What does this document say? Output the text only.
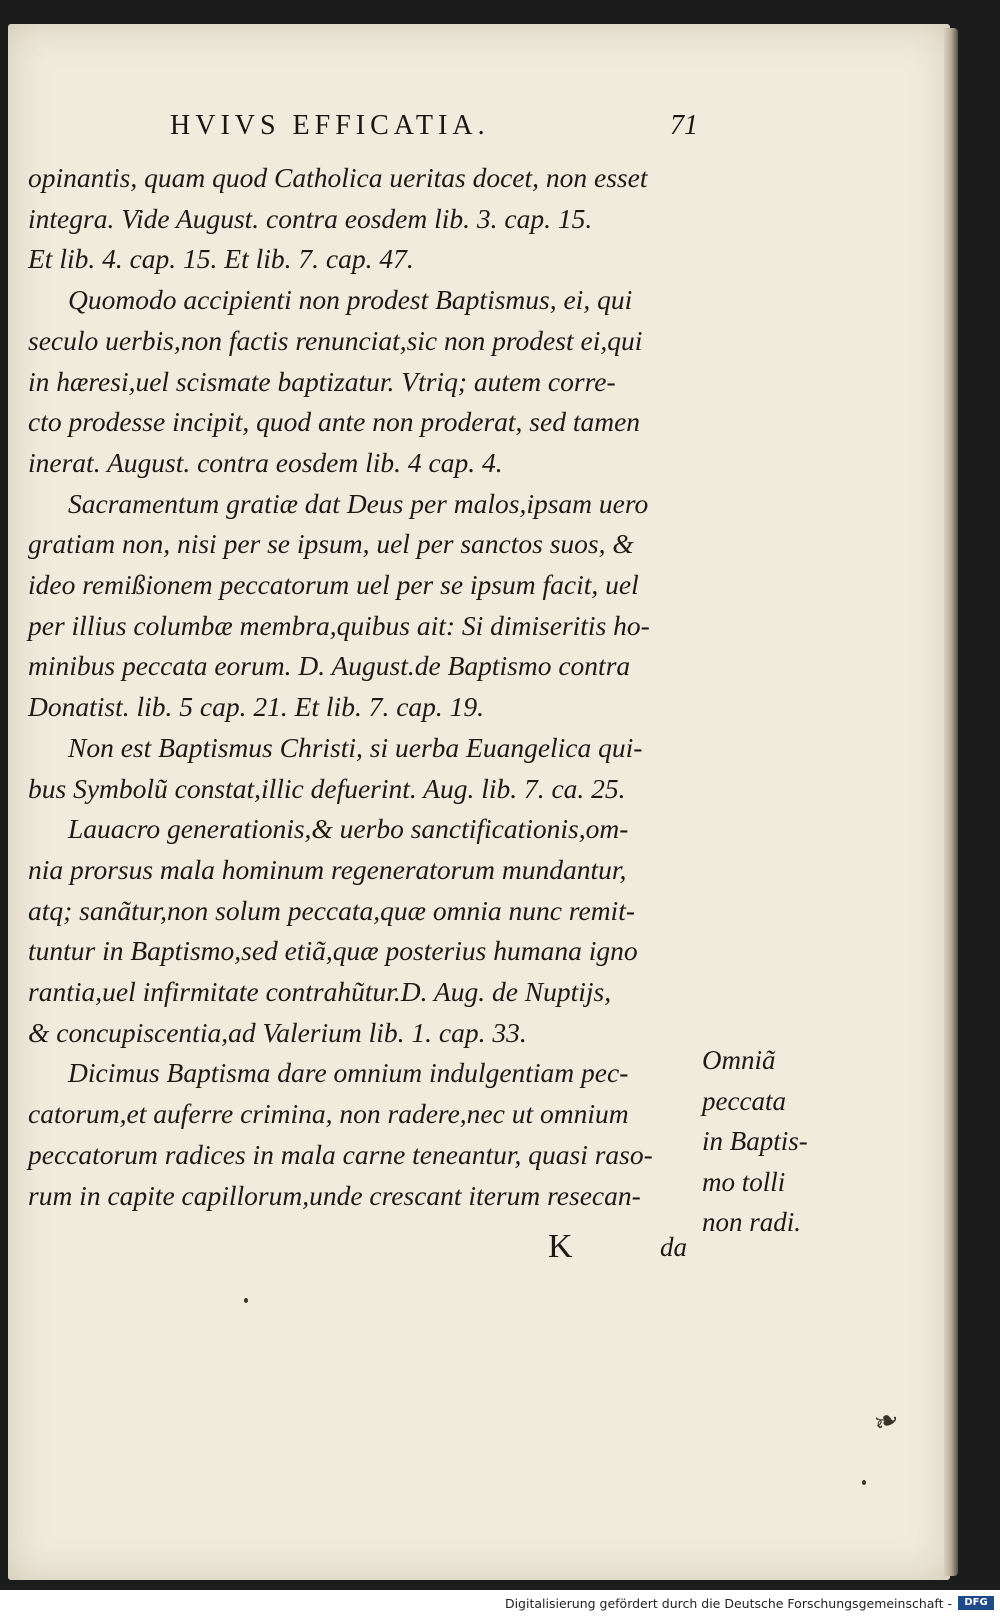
HVIVS EFFICATIA.	71
opinantis, quam quod Catholica ueritas docet, non esset
integra. Vide August. contra eosdem lib. 3. cap. 15.
Et lib. 4. cap. 15. Et lib. 7. cap. 47.
Quomodo accipienti non prodest Baptismus, ei, qui
seculo uerbis,non factis renunciat,sic non prodest ei,qui
in hæresi,uel scismate baptizatur. Vtriq; autem corre-
cto prodesse incipit, quod ante non proderat, sed tamen
inerat. August. contra eosdem lib. 4 cap. 4.
Sacramentum gratiæ dat Deus per malos,ipsam uero
gratiam non, nisi per se ipsum, uel per sanctos suos, &
ideo remißionem peccatorum uel per se ipsum facit, uel
per illius columbæ membra,quibus ait: Si dimiseritis ho-
minibus peccata eorum. D. August.de Baptismo contra
Donatist. lib. 5 cap. 21. Et lib. 7. cap. 19.
Non est Baptismus Christi, si uerba Euangelica qui-
bus Symbolũ constat,illic defuerint. Aug. lib. 7. ca. 25.
Lauacro generationis,& uerbo sanctificationis,om-
nia prorsus mala hominum regeneratorum mundantur,
atq; sanãtur,non solum peccata,quæ omnia nunc remit-
tuntur in Baptismo,sed etiã,quæ posterius humana igno
rantia,uel infirmitate contrahũtur.D. Aug. de Nuptijs,
& concupiscentia,ad Valerium lib. 1. cap. 33.
Dicimus Baptisma dare omnium indulgentiam pec-
catorum,et auferre crimina, non radere,nec ut omnium
peccatorum radices in mala carne teneantur, quasi raso-
rum in capite capillorum,unde crescant iterum resecan-
Omniã
peccata
in Baptis-
mo tolli
non radi.
K	da
❧
Digitalisierung gefördert durch die Deutsche Forschungsgemeinschaft -	DFG
